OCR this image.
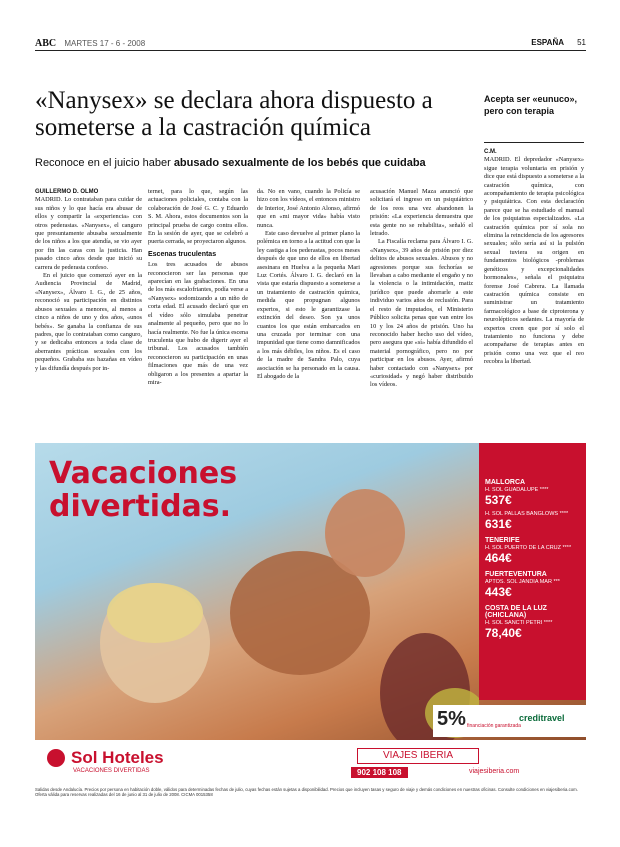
ABC MARTES 17 - 6 - 2008	ESPAÑA 51
«Nanysex» se declara ahora dispuesto a someterse a la castración química
Reconoce en el juicio haber abusado sexualmente de los bebés que cuidaba
GUILLERMO D. OLMO

MADRID. Lo contrataban para cuidar de sus niños y lo que hacía era abusar de ellos y compartir la «experiencia» con otros pederastas. «Nanysex», el canguro que presuntamente abusaba sexualmente de los niños a los que atendía, se vio ayer por fin las caras con la justicia. Han pasado cinco años desde que inició su carrera de pederasta confeso.

En el juicio que comenzó ayer en la Audiencia Provincial de Madrid, «Nanysex», Álvaro I. G., de 25 años, reconoció su participación en distintos abusos sexuales a menores, al menos a cinco a niños de uno y dos años, «unos bebés». Se ganaba la confianza de sus padres, que lo contrataban como canguro, y se dedicaba entonces a toda clase de aberrantes prácticas sexuales con los pequeños. Grababa sus hazañas en vídeo y las difundía después por in-

ternet, para lo que, según las actuaciones policiales, contaba con la colaboración de José G. C. y Eduardo S. M. Ahora, estos documentos son la principal prueba de cargo contra ellos. En la sesión de ayer, que se celebró a puerta cerrada, se proyectaron algunos.

Escenas truculentas

Los tres acusados de abusos reconocieron ser las personas que aparecían en las grabaciones. En una de los más escalofriantes, podía verse a «Nanysex» sodomizando a un niño de corta edad. El acusado declaró que en el vídeo sólo simulaba penetrar analmente al pequeño, pero que no lo hacía realmente. No fue la única escena truculenta que hubo de digerir ayer el tribunal. Los acusados también reconocieron su participación en unas filmaciones que más de una vez obligaron a los presentes a apartar la mira-

da. No en vano, cuando la Policía se hizo con los vídeos, el entonces ministro de Interior, José Antonio Alonso, afirmó que en «mi mayor vida» había visto nunca.

Este caso devuelve al primer plano la polémica en torno a la actitud con que la ley castiga a los pederastas, pocos meses después de que uno de ellos en libertad asesinara en Huelva a la pequeña Mari Luz Cortés. Álvaro I. G. declaró en la vista que estaría dispuesto a someterse a un tratamiento de castración química, medida que propugnan algunos expertos, si esto le garantizase la extinción del deseo. Son ya unos cuantos los que están embarcados en una cruzada por terminar con una impunidad que tiene como damnificados a los más débiles, los niños. Es el caso de la madre de Sandra Palo, cuya asociación se ha personado en la causa. El abogado de la

acusación Manuel Maza anunció que solicitará el ingreso en un psiquiátrico de los reos una vez abandonen la prisión: «La experiencia demuestra que esta gente no se rehabilita», señaló el letrado.

La Fiscalía reclama para Álvaro I. G. «Nanysex», 39 años de prisión por diez delitos de abusos sexuales. Abusos y no agresiones porque sus fechorías se llevaban a cabo mediante el engaño y no la violencia o la intimidación, matiz jurídico que puede ahorrarle a este individuo varios años de reclusión. Para el resto de imputados, el Ministerio Público solicita penas que van entre los 10 y los 24 años de prisión. Uno ha reconocido haber hecho uso del vídeo, pero asegura que «sí» había difundido el material pornográfico, pero no por participar en los abusos. Ayer, afirmó haber contactado con «Nanysex» por «curiosidad» y negó haber distribuido los vídeos.

Acepta ser «eunuco», pero con terapia
C.M.

MADRID. El depredador «Nanysex» sigue terapia voluntaria en prisión y dice que está dispuesto a someterse a la castración química, con acompañamiento de terapia psicológica y psiquiátrica. Con esta declaración parece que se ha estudiado el manual de los psiquiatras especializados. «La castración química por sí sola no elimina la reincidencia de los agresores sexuales; sólo sería así si la pulsión sexual tuviera su origen en fundamentos biológicos -problemas genéticos y excepcionalidades hormonales», señala el psiquiatra forense José Cabrera. La llamada castración química consiste en suministrar un tratamiento farmacológico a base de ciproterona y neurolépticos sedantes. La mayoría de expertos creen que por sí solo el tratamiento no funciona y debe acompañarse de terapias antes en prisión como una vez que el reo recobra la libertad.

Vacaciones
divertidas.
MALLORCA
H. SOL GUADALUPE ****
537€
H. SOL PALLAS BANGLOWS ****
631€
TENERIFE
H. SOL PUERTO DE LA CRUZ ****
464€
FUERTEVENTURA
APTOS. SOL JANDIA MAR ***
443€
COSTA DE LA LUZ (CHICLANA)
H. SOL SANCTI PETRI ****
78,40€
5% financiación garantizada
creditravel
Sol Hoteles
VACACIONES DIVERTIDAS
VIAJES IBERIA
902 108 108	viajesiberia.com
Salidas desde Andalucía. Precios por persona en habitación doble, válidos para determinadas fechas de julio, cuyas fechas están sujetas a disponibilidad. Precios que incluyen tasas y seguro de viaje y demás condiciones en nuestras oficinas. Consulte condiciones en viajesiberia.com. Oferta válida para reservas realizadas del 16 de junio al 31 de julio de 2008. CICMA 0015358
